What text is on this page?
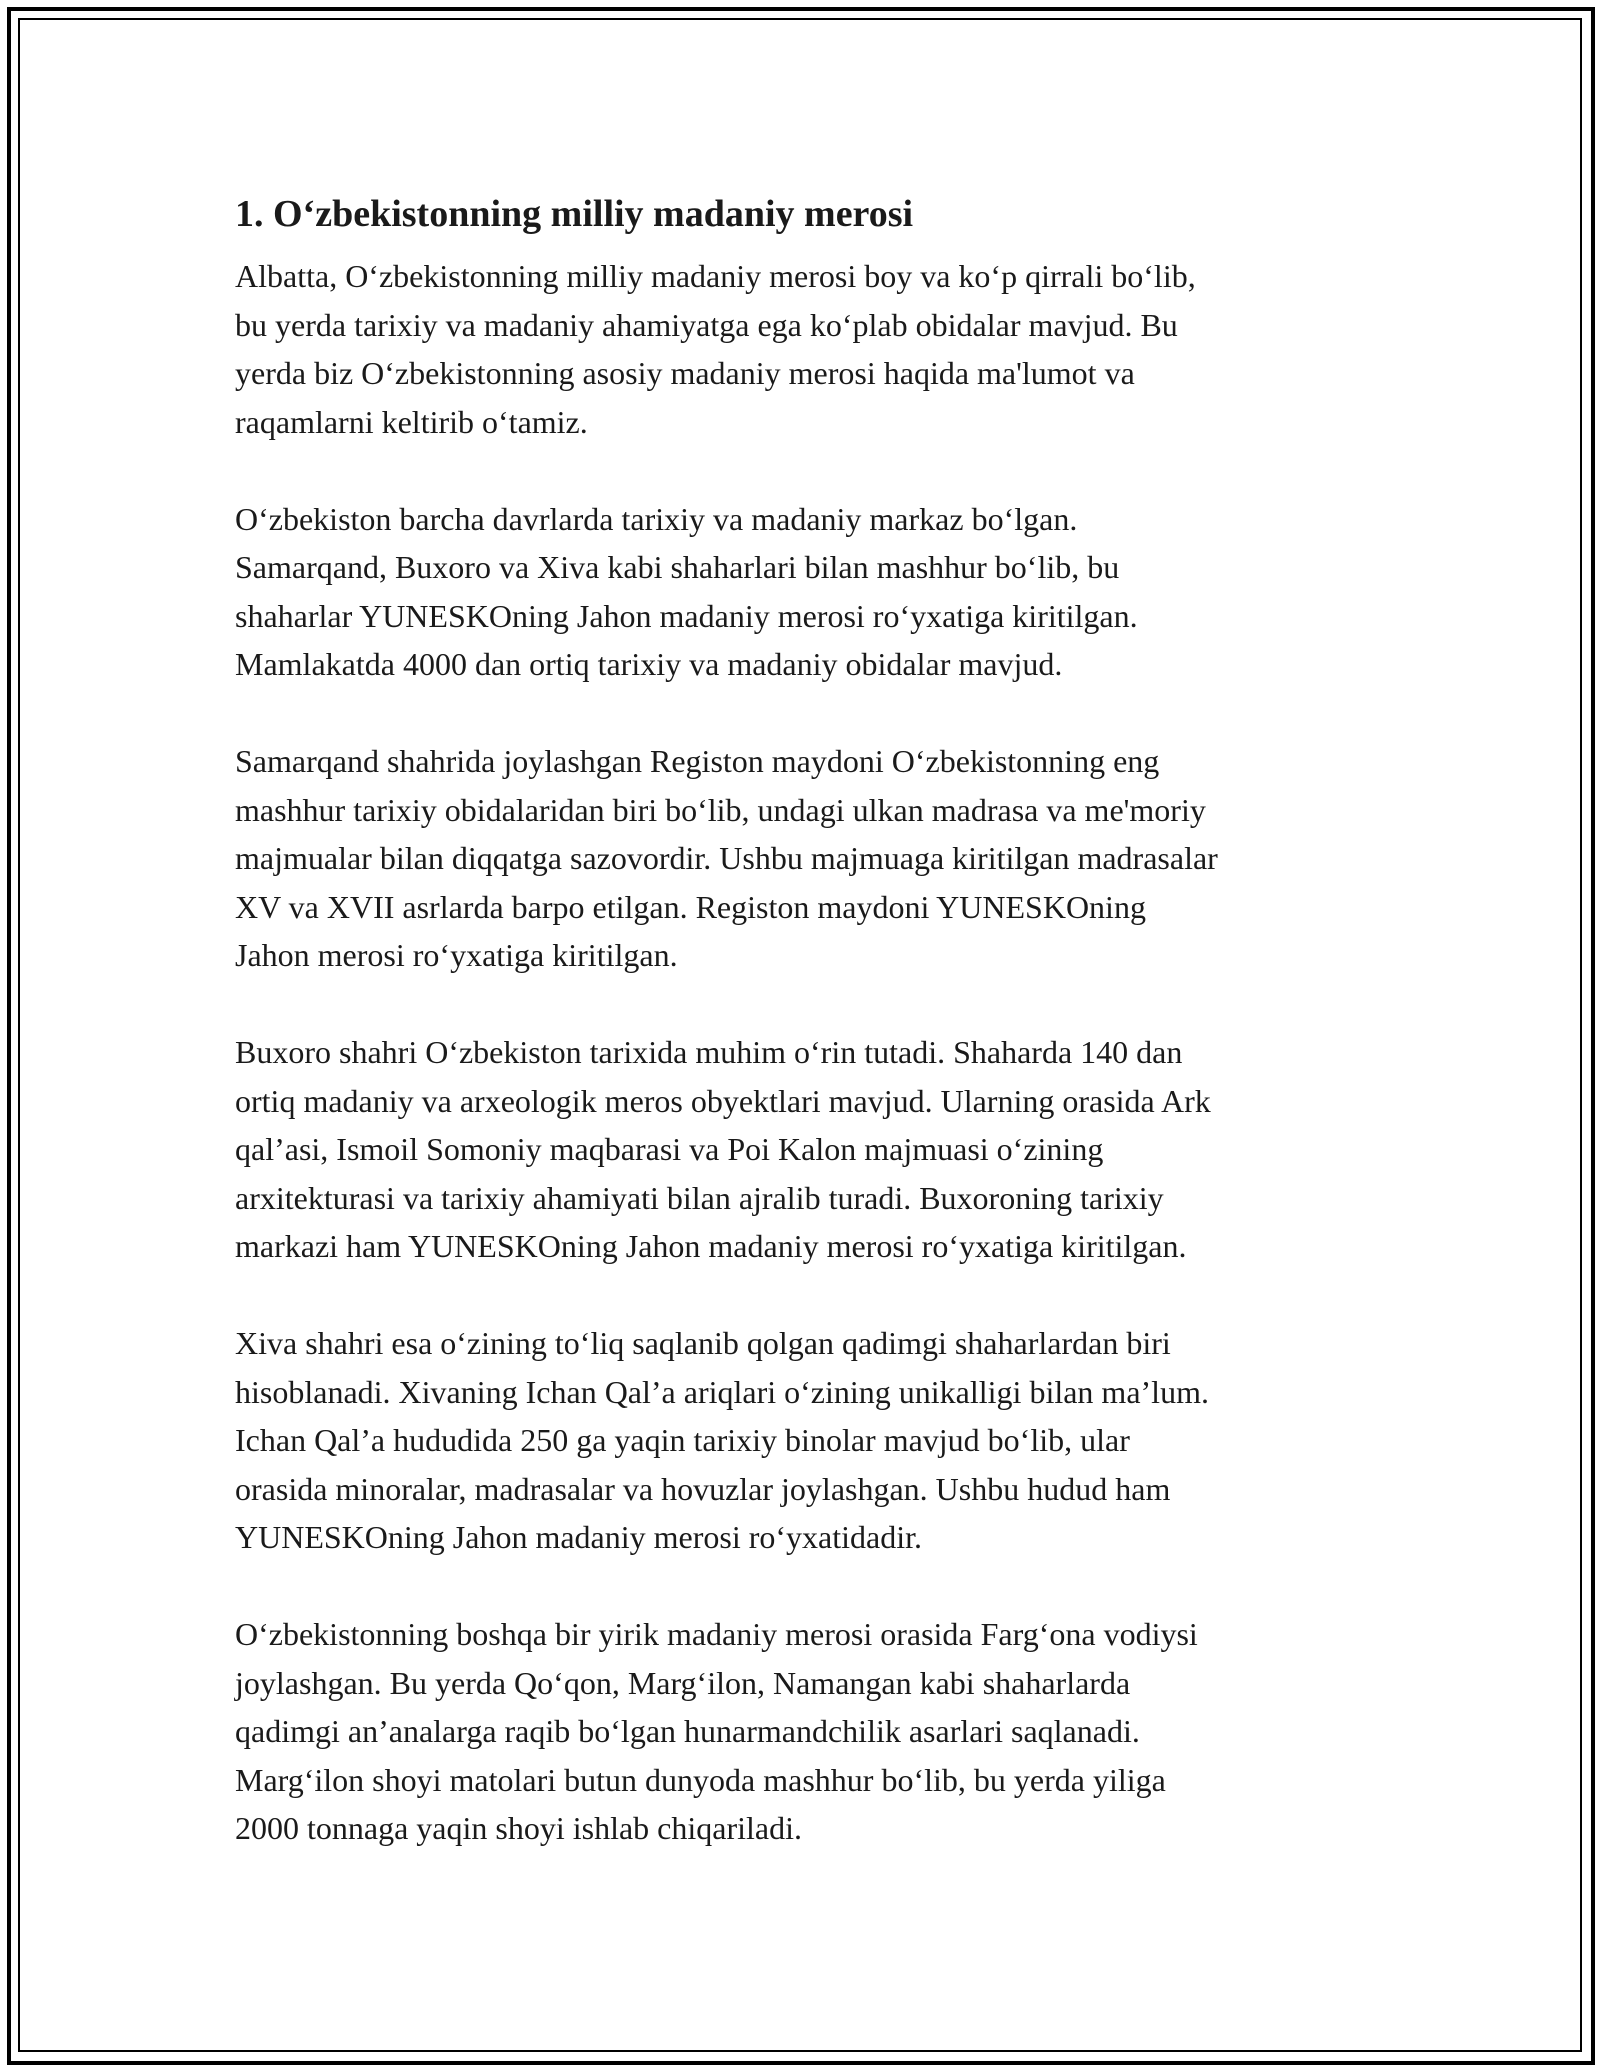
1. O‘zbekistonning milliy madaniy merosi

Albatta, O‘zbekistonning milliy madaniy merosi boy va ko‘p qirrali bo‘lib,
bu yerda tarixiy va madaniy ahamiyatga ega ko‘plab obidalar mavjud. Bu
yerda biz O‘zbekistonning asosiy madaniy merosi haqida ma'lumot va
raqamlarni keltirib o‘tamiz.

O‘zbekiston barcha davrlarda tarixiy va madaniy markaz bo‘lgan.
Samarqand, Buxoro va Xiva kabi shaharlari bilan mashhur bo‘lib, bu
shaharlar YUNESKOning Jahon madaniy merosi ro‘yxatiga kiritilgan.
Mamlakatda 4000 dan ortiq tarixiy va madaniy obidalar mavjud.

Samarqand shahrida joylashgan Registon maydoni O‘zbekistonning eng
mashhur tarixiy obidalaridan biri bo‘lib, undagi ulkan madrasa va me'moriy
majmualar bilan diqqatga sazovordir. Ushbu majmuaga kiritilgan madrasalar
XV va XVII asrlarda barpo etilgan. Registon maydoni YUNESKOning
Jahon merosi ro‘yxatiga kiritilgan.

Buxoro shahri O‘zbekiston tarixida muhim o‘rin tutadi. Shaharda 140 dan
ortiq madaniy va arxeologik meros obyektlari mavjud. Ularning orasida Ark
qal’asi, Ismoil Somoniy maqbarasi va Poi Kalon majmuasi o‘zining
arxitekturasi va tarixiy ahamiyati bilan ajralib turadi. Buxoroning tarixiy
markazi ham YUNESKOning Jahon madaniy merosi ro‘yxatiga kiritilgan.

Xiva shahri esa o‘zining to‘liq saqlanib qolgan qadimgi shaharlardan biri
hisoblanadi. Xivaning Ichan Qal’a ariqlari o‘zining unikalligi bilan ma’lum.
Ichan Qal’a hududida 250 ga yaqin tarixiy binolar mavjud bo‘lib, ular
orasida minoralar, madrasalar va hovuzlar joylashgan. Ushbu hudud ham
YUNESKOning Jahon madaniy merosi ro‘yxatidadir.

O‘zbekistonning boshqa bir yirik madaniy merosi orasida Farg‘ona vodiysi
joylashgan. Bu yerda Qo‘qon, Marg‘ilon, Namangan kabi shaharlarda
qadimgi an’analarga raqib bo‘lgan hunarmandchilik asarlari saqlanadi.
Marg‘ilon shoyi matolari butun dunyoda mashhur bo‘lib, bu yerda yiliga
2000 tonnaga yaqin shoyi ishlab chiqariladi.
